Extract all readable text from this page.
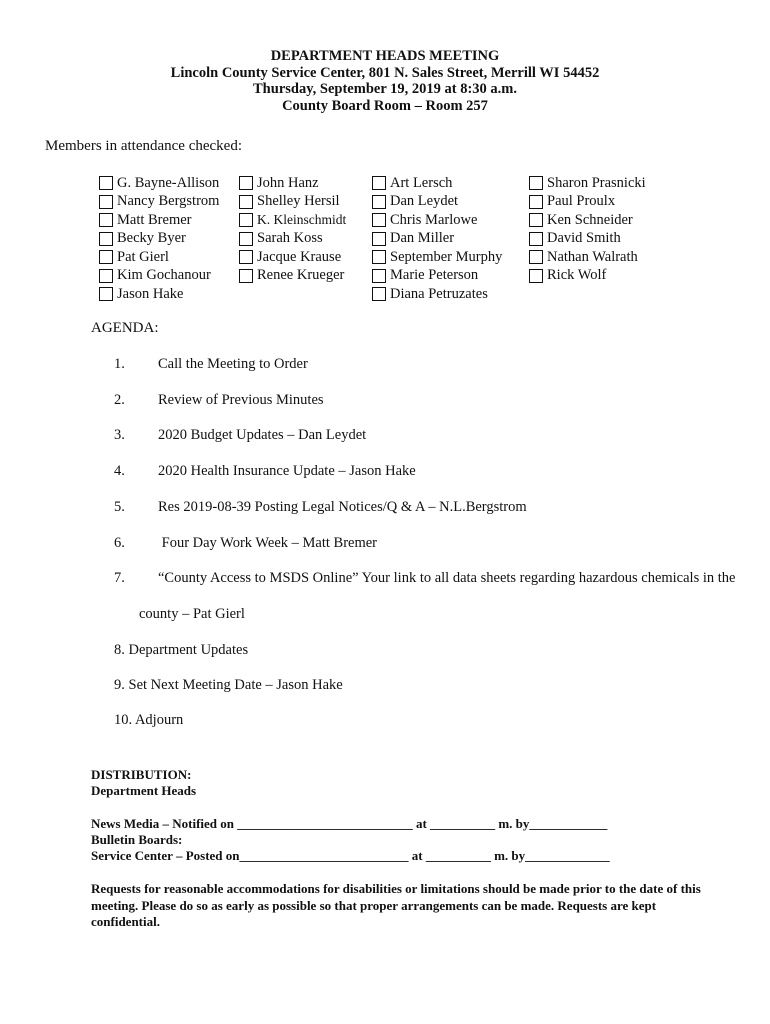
DEPARTMENT HEADS MEETING
Lincoln County Service Center, 801 N. Sales Street, Merrill WI 54452
Thursday, September 19, 2019 at 8:30 a.m.
County Board Room – Room 257
Members in attendance checked:
G. Bayne-Allison
Nancy Bergstrom
Matt Bremer
Becky Byer
Pat Gierl
Kim Gochanour
Jason Hake
John Hanz
Shelley Hersil
K. Kleinschmidt
Sarah Koss
Jacque Krause
Renee Krueger
Art Lersch
Dan Leydet
Chris Marlowe
Dan Miller
September Murphy
Marie Peterson
Diana Petruzates
Sharon Prasnicki
Paul Proulx
Ken Schneider
David Smith
Nathan Walrath
Rick Wolf
AGENDA:
1. Call the Meeting to Order
2. Review of Previous Minutes
3. 2020 Budget Updates – Dan Leydet
4. 2020 Health Insurance Update – Jason Hake
5. Res 2019-08-39 Posting Legal Notices/Q & A – N.L.Bergstrom
6. Four Day Work Week – Matt Bremer
7. “County Access to MSDS Online” Your link to all data sheets regarding hazardous chemicals in the
county – Pat Gierl
8. Department Updates
9. Set Next Meeting Date – Jason Hake
10. Adjourn
DISTRIBUTION:
Department Heads
News Media – Notified on ___________________________ at __________ m. by____________
Bulletin Boards:
Service Center – Posted on__________________________ at __________ m. by_____________
Requests for reasonable accommodations for disabilities or limitations should be made prior to the date of this meeting. Please do so as early as possible so that proper arrangements can be made. Requests are kept confidential.
